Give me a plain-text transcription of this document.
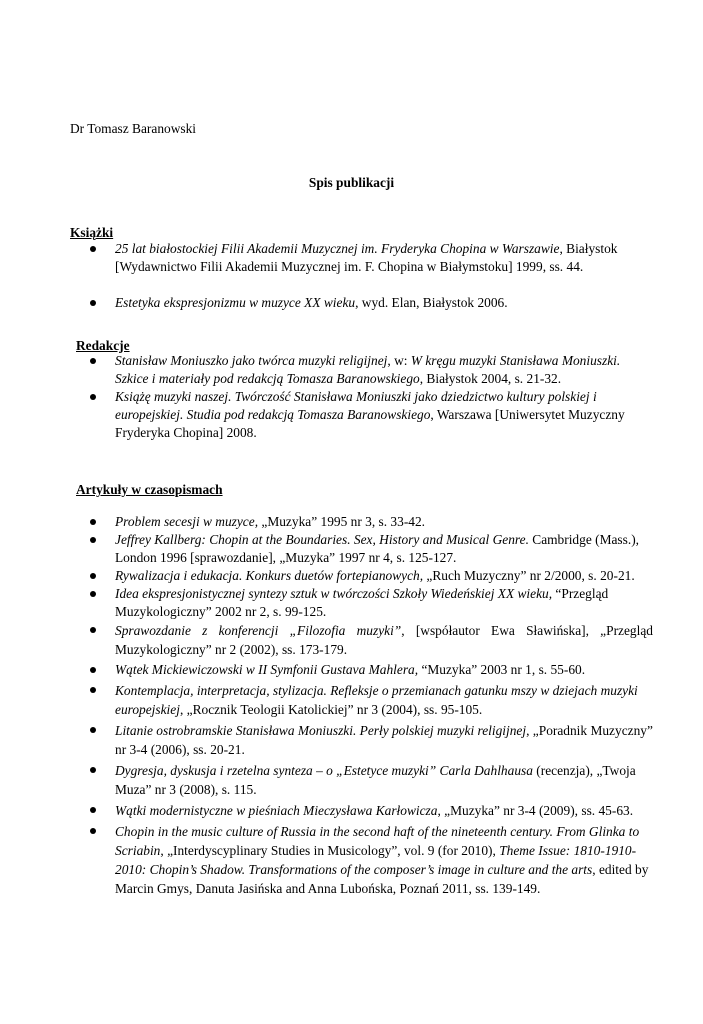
Dr Tomasz Baranowski
Spis publikacji
Książki
25 lat białostockiej Filii Akademii Muzycznej im. Fryderyka Chopina w Warszawie, Białystok [Wydawnictwo Filii Akademii Muzycznej im. F. Chopina w Białymstoku] 1999, ss. 44.
Estetyka ekspresjonizmu w muzyce XX wieku, wyd. Elan, Białystok 2006.
Redakcje
Stanisław Moniuszko jako twórca muzyki religijnej, w: W kręgu muzyki Stanisława Moniuszki. Szkice i materiały pod redakcją Tomasza Baranowskiego, Białystok 2004, s. 21-32.
Książę muzyki naszej. Twórczość Stanisława Moniuszki jako dziedzictwo kultury polskiej i europejskiej. Studia pod redakcją Tomasza Baranowskiego, Warszawa [Uniwersytet Muzyczny Fryderyka Chopina] 2008.
Artykuły w czasopismach
Problem secesji w muzyce, „Muzyka” 1995 nr 3, s. 33-42.
Jeffrey Kallberg: Chopin at the Boundaries. Sex, History and Musical Genre. Cambridge (Mass.), London 1996 [sprawozdanie], „Muzyka” 1997 nr 4, s. 125-127.
Rywalizacja i edukacja. Konkurs duetów fortepianowych, „Ruch Muzyczny” nr 2/2000, s. 20-21.
Idea ekspresjonistycznej syntezy sztuk w twórczości Szkoły Wiedeńskiej XX wieku, “Przegląd Muzykologiczny” 2002 nr 2, s. 99-125.
Sprawozdanie z konferencji „Filozofia muzyki”, [współautor Ewa Sławińska], „Przegląd Muzykologiczny” nr 2 (2002), ss. 173-179.
Wątek Mickiewiczowski w II Symfonii Gustava Mahlera, “Muzyka” 2003 nr 1, s. 55-60.
Kontemplacja, interpretacja, stylizacja. Refleksje o przemianach gatunku mszy w dziejach muzyki europejskiej, „Rocznik Teologii Katolickiej” nr 3 (2004), ss. 95-105.
Litanie ostrobramskie Stanisława Moniuszki. Perły polskiej muzyki religijnej, „Poradnik Muzyczny” nr 3-4 (2006), ss. 20-21.
Dygresja, dyskusja i rzetelna synteza – o „Estetyce muzyki” Carla Dahlhausa (recenzja), „Twoja Muza” nr 3 (2008), s. 115.
Wątki modernistyczne w pieśniach Mieczysława Karłowicza, „Muzyka” nr 3-4 (2009), ss. 45-63.
Chopin in the music culture of Russia in the second haft of the nineteenth century. From Glinka to Scriabin, „Interdyscyplinary Studies in Musicology”, vol. 9 (for 2010), Theme Issue: 1810-1910-2010: Chopin’s Shadow. Transformations of the composer’s image in culture and the arts, edited by Marcin Gmys, Danuta Jasińska and Anna Lubońska, Poznań 2011, ss. 139-149.
